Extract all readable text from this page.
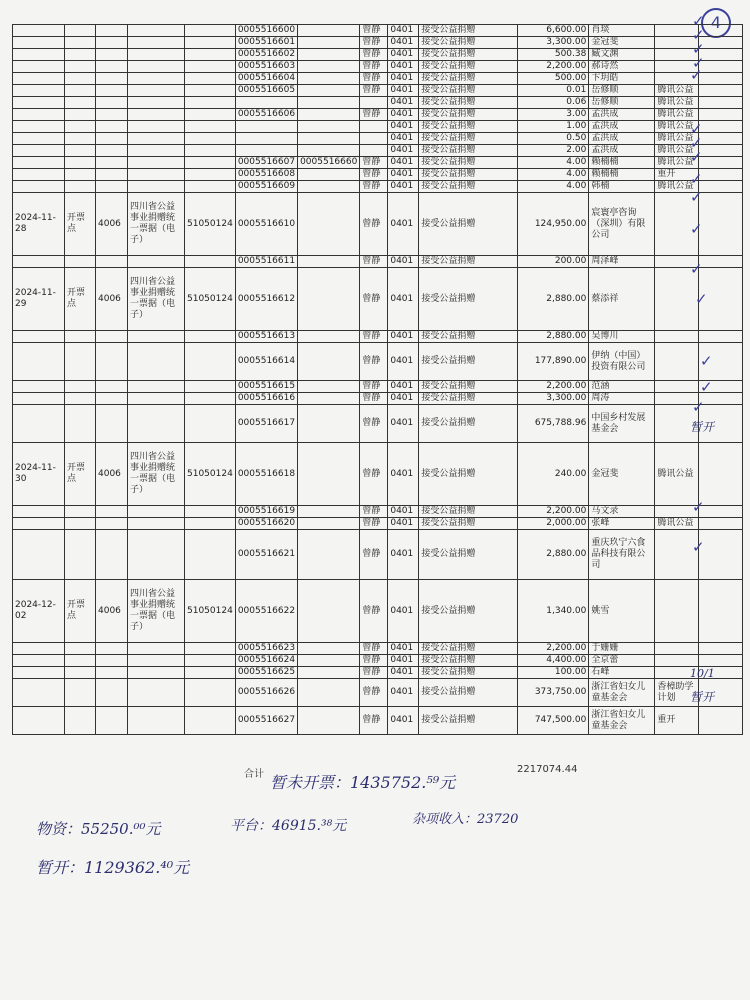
4
					0005516600		曾静	0401	接受公益捐赠	6,600.00	肖琰		
					0005516601		曾静	0401	接受公益捐赠	3,300.00	金冠斐		
					0005516602		曾静	0401	接受公益捐赠	500.38	臧文渊		
					0005516603		曾静	0401	接受公益捐赠	2,200.00	郝诗然		
					0005516604		曾静	0401	接受公益捐赠	500.00	卞玥皓		
					0005516605		曾静	0401	接受公益捐赠	0.01	岳修顺	腾讯公益	
								0401	接受公益捐赠	0.06	岳修顺	腾讯公益	
					0005516606		曾静	0401	接受公益捐赠	3.00	孟洪成	腾讯公益	
								0401	接受公益捐赠	1.00	孟洪成	腾讯公益	
								0401	接受公益捐赠	0.50	孟洪成	腾讯公益	
								0401	接受公益捐赠	2.00	孟洪成	腾讯公益	
					0005516607	0005516660	曾静	0401	接受公益捐赠	4.00	赖楠楠	腾讯公益	
					0005516608		曾静	0401	接受公益捐赠	4.00	赖楠楠	重开	
					0005516609		曾静	0401	接受公益捐赠	4.00	韩楠	腾讯公益	
2024-11-28	开票点	4006	四川省公益事业捐赠统一票据（电子）	51050124	0005516610		曾静	0401	接受公益捐赠	124,950.00	宸寰亭咨询（深圳）有限公司		
					0005516611		曾静	0401	接受公益捐赠	200.00	周泽峰		
2024-11-29	开票点	4006	四川省公益事业捐赠统一票据（电子）	51050124	0005516612		曾静	0401	接受公益捐赠	2,880.00	蔡添祥		
					0005516613		曾静	0401	接受公益捐赠	2,880.00	吴博川		
					0005516614		曾静	0401	接受公益捐赠	177,890.00	伊纳（中国）投资有限公司		
					0005516615		曾静	0401	接受公益捐赠	2,200.00	范涵		
					0005516616		曾静	0401	接受公益捐赠	3,300.00	周涛		
					0005516617		曾静	0401	接受公益捐赠	675,788.96	中国乡村发展基金会		
2024-11-30	开票点	4006	四川省公益事业捐赠统一票据（电子）	51050124	0005516618		曾静	0401	接受公益捐赠	240.00	金冠斐	腾讯公益	
					0005516619		曾静	0401	接受公益捐赠	2,200.00	马文录		
					0005516620		曾静	0401	接受公益捐赠	2,000.00	张峰	腾讯公益	
					0005516621		曾静	0401	接受公益捐赠	2,880.00	重庆玖宁六食品科技有限公司		
2024-12-02	开票点	4006	四川省公益事业捐赠统一票据（电子）	51050124	0005516622		曾静	0401	接受公益捐赠	1,340.00	姚雪		
					0005516623		曾静	0401	接受公益捐赠	2,200.00	于姗姗		
					0005516624		曾静	0401	接受公益捐赠	4,400.00	全京蕾		
					0005516625		曾静	0401	接受公益捐赠	100.00	石峰		
					0005516626		曾静	0401	接受公益捐赠	373,750.00	浙江省妇女儿童基金会	香樟助学计划	
					0005516627		曾静	0401	接受公益捐赠	747,500.00	浙江省妇女儿童基金会	重开	
合计	2217074.44
暂未开票：1435752.⁵⁹元
物资：55250.⁰⁰元	平台：46915.³⁸元	杂项收入：23720
暂开：1129362.⁴⁰元
暂开
10/1
暂开
✓
✓
✓
✓
✓
✓
✓
✓
✓
✓
✓
✓
✓
✓
✓
✓
✓
✓
